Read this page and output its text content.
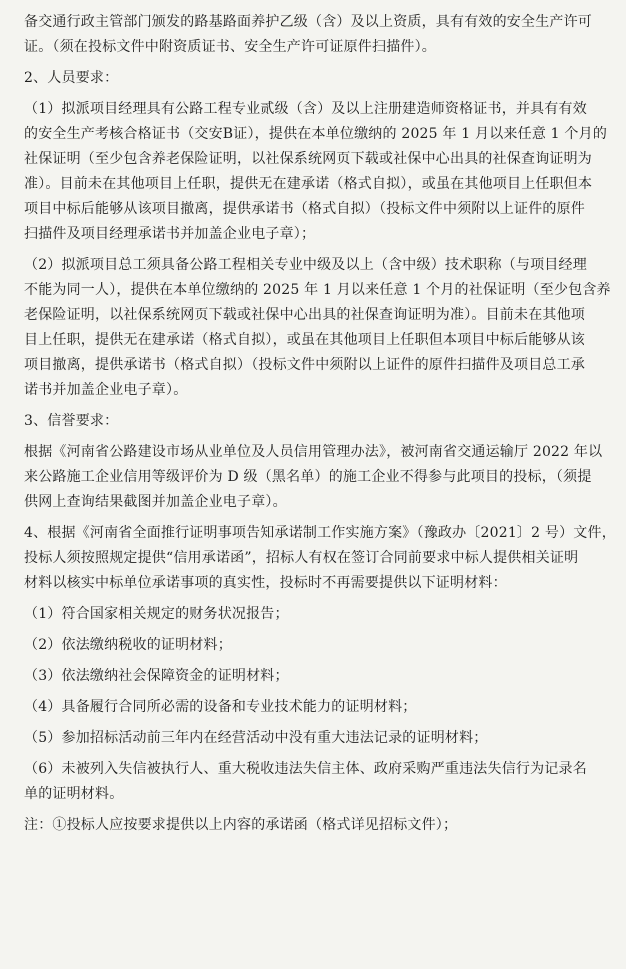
备交通行政主管部门颁发的路基路面养护乙级（含）及以上资质，具有有效的安全生产许可
证。（须在投标文件中附资质证书、安全生产许可证原件扫描件）。
2、人员要求：
（1）拟派项目经理具有公路工程专业贰级（含）及以上注册建造师资格证书，并具有有效
的安全生产考核合格证书（交安B证），提供在本单位缴纳的 2025 年 1 月以来任意 1 个月的
社保证明（至少包含养老保险证明，以社保系统网页下载或社保中心出具的社保查询证明为
准）。目前未在其他项目上任职，提供无在建承诺（格式自拟），或虽在其他项目上任职但本
项目中标后能够从该项目撤离，提供承诺书（格式自拟）（投标文件中须附以上证件的原件
扫描件及项目经理承诺书并加盖企业电子章）；
（2）拟派项目总工须具备公路工程相关专业中级及以上（含中级）技术职称（与项目经理
不能为同一人），提供在本单位缴纳的 2025 年 1 月以来任意 1 个月的社保证明（至少包含养
老保险证明，以社保系统网页下载或社保中心出具的社保查询证明为准）。目前未在其他项
目上任职，提供无在建承诺（格式自拟），或虽在其他项目上任职但本项目中标后能够从该
项目撤离，提供承诺书（格式自拟）（投标文件中须附以上证件的原件扫描件及项目总工承
诺书并加盖企业电子章）。
3、信誉要求：
根据《河南省公路建设市场从业单位及人员信用管理办法》，被河南省交通运输厅 2022 年以
来公路施工企业信用等级评价为 D 级（黑名单）的施工企业不得参与此项目的投标，（须提
供网上查询结果截图并加盖企业电子章）。
4、根据《河南省全面推行证明事项告知承诺制工作实施方案》（豫政办〔2021〕2 号）文件，
投标人须按照规定提供“信用承诺函”，招标人有权在签订合同前要求中标人提供相关证明
材料以核实中标单位承诺事项的真实性，投标时不再需要提供以下证明材料：
（1）符合国家相关规定的财务状况报告；
（2）依法缴纳税收的证明材料；
（3）依法缴纳社会保障资金的证明材料；
（4）具备履行合同所必需的设备和专业技术能力的证明材料；
（5）参加招标活动前三年内在经营活动中没有重大违法记录的证明材料；
（6）未被列入失信被执行人、重大税收违法失信主体、政府采购严重违法失信行为记录名
单的证明材料。
注：①投标人应按要求提供以上内容的承诺函（格式详见招标文件）；
